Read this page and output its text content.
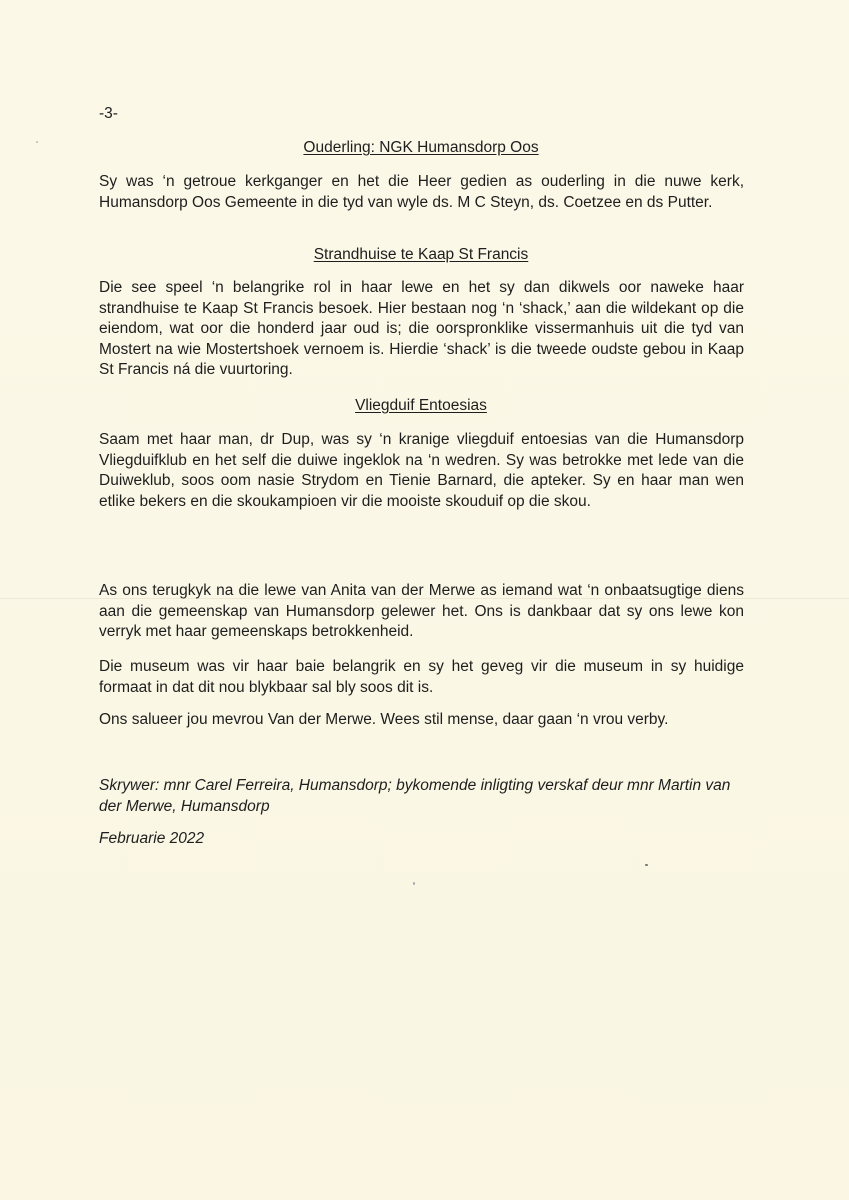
-3-
Ouderling: NGK Humansdorp Oos

Sy was ‘n getroue kerkganger en het die Heer gedien as ouderling in die nuwe kerk, Humansdorp Oos Gemeente in die tyd van wyle ds. M C Steyn, ds. Coetzee en ds Putter.

Strandhuise te Kaap St Francis

Die see speel ‘n belangrike rol in haar lewe en het sy dan dikwels oor naweke haar strandhuise te Kaap St Francis besoek. Hier bestaan nog ‘n ‘shack,’ aan die wildekant op die eiendom, wat oor die honderd jaar oud is; die oorspronklike vissermanhuis uit die tyd van Mostert na wie Mostertshoek vernoem is. Hierdie ‘shack’ is die tweede oudste gebou in Kaap St Francis ná die vuurtoring.

Vliegduif Entoesias

Saam met haar man, dr Dup, was sy ‘n kranige vliegduif entoesias van die Humansdorp Vliegduifklub en het self die duiwe ingeklok na ‘n wedren. Sy was betrokke met lede van die Duiweklub, soos oom nasie Strydom en Tienie Barnard, die apteker. Sy en haar man wen etlike bekers en die skoukampioen vir die mooiste skouduif op die skou.

As ons terugkyk na die lewe van Anita van der Merwe as iemand wat ‘n onbaatsugtige diens aan die gemeenskap van Humansdorp gelewer het. Ons is dankbaar dat sy ons lewe kon verryk met haar gemeenskaps betrokkenheid.

Die museum was vir haar baie belangrik en sy het geveg vir die museum in sy huidige formaat in dat dit nou blykbaar sal bly soos dit is.

Ons salueer jou mevrou Van der Merwe. Wees stil mense, daar gaan ‘n vrou verby.

Skrywer: mnr Carel Ferreira, Humansdorp; bykomende inligting verskaf deur mnr Martin van der Merwe, Humansdorp

Februarie 2022
